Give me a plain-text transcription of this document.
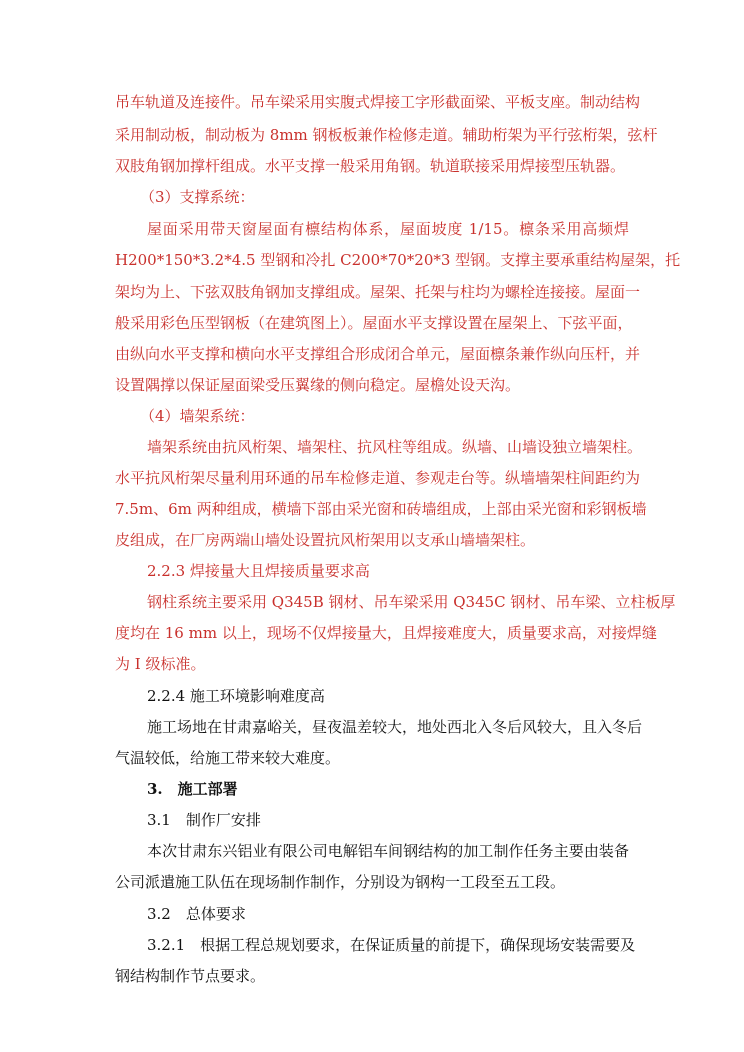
吊车轨道及连接件。吊车梁采用实腹式焊接工字形截面梁、平板支座。制动结构
采用制动板，制动板为 8mm 钢板板兼作检修走道。辅助桁架为平行弦桁架，弦杆
双肢角钢加撑杆组成。水平支撑一般采用角钢。轨道联接采用焊接型压轨器。
（3）支撑系统：
屋面采用带天窗屋面有檩结构体系，屋面坡度 1/15。檩条采用高频焊
H200*150*3.2*4.5 型钢和冷扎 C200*70*20*3 型钢。支撑主要承重结构屋架，托
架均为上、下弦双肢角钢加支撑组成。屋架、托架与柱均为螺栓连接接。屋面一
般采用彩色压型钢板（在建筑图上）。屋面水平支撑设置在屋架上、下弦平面，
由纵向水平支撑和横向水平支撑组合形成闭合单元，屋面檩条兼作纵向压杆，并
设置隅撑以保证屋面梁受压翼缘的侧向稳定。屋檐处设天沟。
（4）墙架系统：
墙架系统由抗风桁架、墙架柱、抗风柱等组成。纵墙、山墙设独立墙架柱。
水平抗风桁架尽量利用环通的吊车检修走道、参观走台等。纵墙墙架柱间距约为
7.5m、6m 两种组成，横墙下部由采光窗和砖墙组成，上部由采光窗和彩钢板墙
皮组成，在厂房两端山墙处设置抗风桁架用以支承山墙墙架柱。
2.2.3 焊接量大且焊接质量要求高
钢柱系统主要采用 Q345B 钢材、吊车梁采用 Q345C 钢材、吊车梁、立柱板厚
度均在 16 mm 以上，现场不仅焊接量大，且焊接难度大，质量要求高，对接焊缝
为 I 级标准。
2.2.4 施工环境影响难度高
施工场地在甘肃嘉峪关，昼夜温差较大，地处西北入冬后风较大，且入冬后
气温较低，给施工带来较大难度。
3.　施工部署
3.1　制作厂安排
本次甘肃东兴铝业有限公司电解铝车间钢结构的加工制作任务主要由装备
公司派遣施工队伍在现场制作制作，分别设为钢构一工段至五工段。
3.2　总体要求
3.2.1　根据工程总规划要求，在保证质量的前提下，确保现场安装需要及
钢结构制作节点要求。
